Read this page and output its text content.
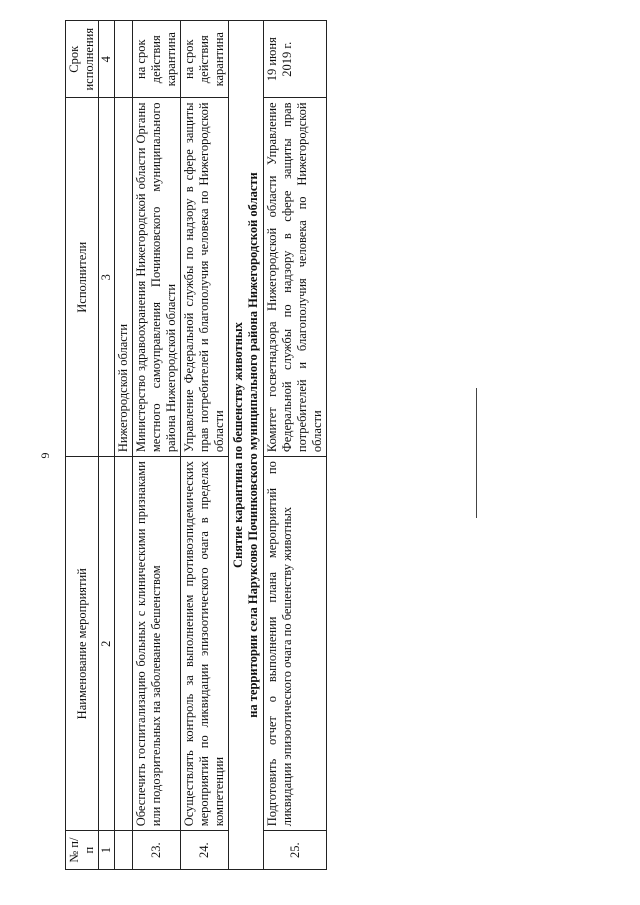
6
№ п/п	Наименование мероприятий	Исполнители	Срок исполнения
1	2	3	4
		Нижегородской области	
23.	Обеспечить госпитализацию больных с клиническими признаками или подозрительных на заболевание бешенством	Министерство здравоохранения Нижегородской области Органы местного самоуправления Починковского муниципального района Нижегородской области	на срок действия карантина
24.	Осуществлять контроль за выполнением противоэпидемических мероприятий по ликвидации эпизоотического очага в пределах компетенции	Управление Федеральной службы по надзору в сфере защиты прав потребителей и благополучия человека по Нижегородской области	на срок действия карантина

Снятие карантина по бешенству животных на территории села Наруксово Починковского муниципального района Нижегородской области			

25.	Подготовить отчет о выполнении плана мероприятий по ликвидации эпизоотического очага по бешенству животных	Комитет госветнадзора Нижегородской области Управление Федеральной службы по надзору в сфере защиты прав потребителей и благополучия человека по Нижегородской области	19 июня 2019 г.
